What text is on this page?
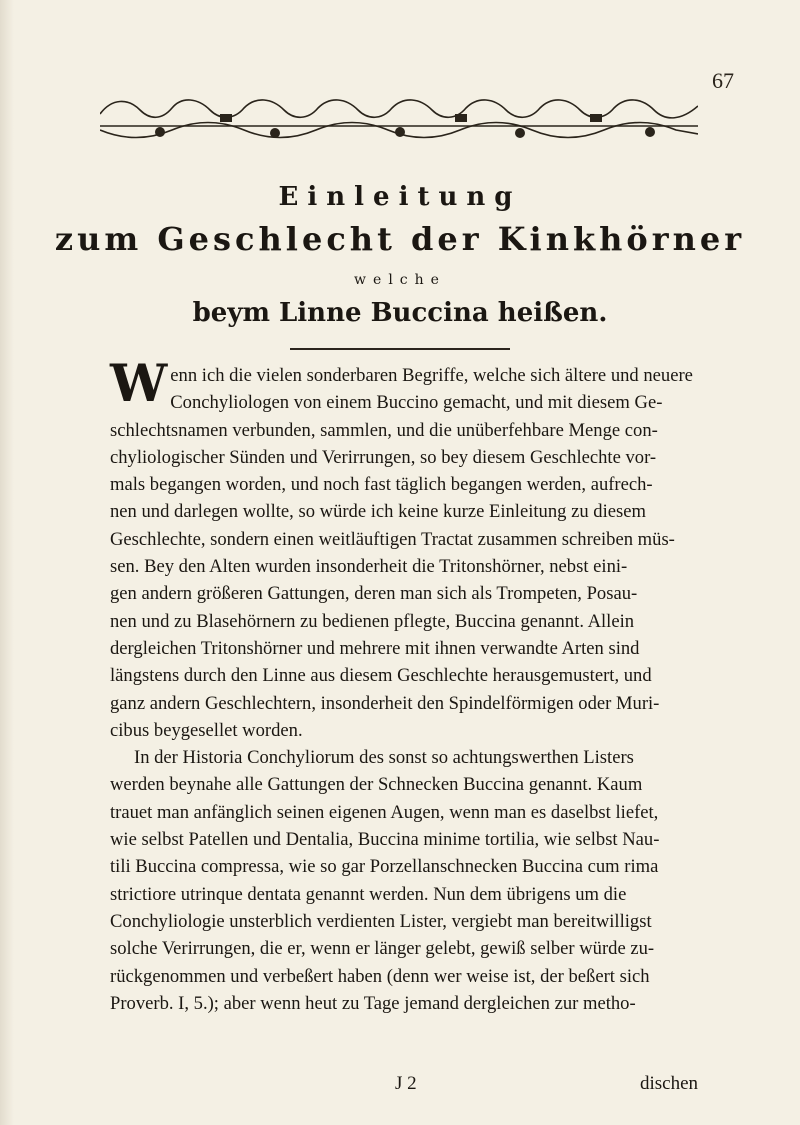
67
Einleitung
zum Geschlecht der Kinkhörner
welche
beym Linne Buccina heißen.
W enn ich die vielen sonderbaren Begriffe, welche sich ältere und neuere
Conchyliologen von einem Buccino gemacht, und mit diesem Ge-
schlechtsnamen verbunden, sammlen, und die unüberfehbare Menge con-
chyliologischer Sünden und Verirrungen, so bey diesem Geschlechte vor-
mals begangen worden, und noch fast täglich begangen werden, aufrech-
nen und darlegen wollte, so würde ich keine kurze Einleitung zu diesem
Geschlechte, sondern einen weitläuftigen Tractat zusammen schreiben müs-
sen. Bey den Alten wurden insonderheit die Tritonshörner, nebst eini-
gen andern größeren Gattungen, deren man sich als Trompeten, Posau-
nen und zu Blasehörnern zu bedienen pflegte, Buccina genannt. Allein
dergleichen Tritonshörner und mehrere mit ihnen verwandte Arten sind
längstens durch den Linne aus diesem Geschlechte herausgemustert, und
ganz andern Geschlechtern, insonderheit den Spindelförmigen oder Muri-
cibus beygesellet worden.
In der Historia Conchyliorum des sonst so achtungswerthen Listers
werden beynahe alle Gattungen der Schnecken Buccina genannt. Kaum
trauet man anfänglich seinen eigenen Augen, wenn man es daselbst liefet,
wie selbst Patellen und Dentalia, Buccina minime tortilia, wie selbst Nau-
tili Buccina compressa, wie so gar Porzellanschnecken Buccina cum rima
strictiore utrinque dentata genannt werden. Nun dem übrigens um die
Conchyliologie unsterblich verdienten Lister, vergiebt man bereitwilligst
solche Verirrungen, die er, wenn er länger gelebt, gewiß selber würde zu-
rückgenommen und verbeßert haben (denn wer weise ist, der beßert sich
Proverb. I, 5.); aber wenn heut zu Tage jemand dergleichen zur metho-
J 2	dischen
